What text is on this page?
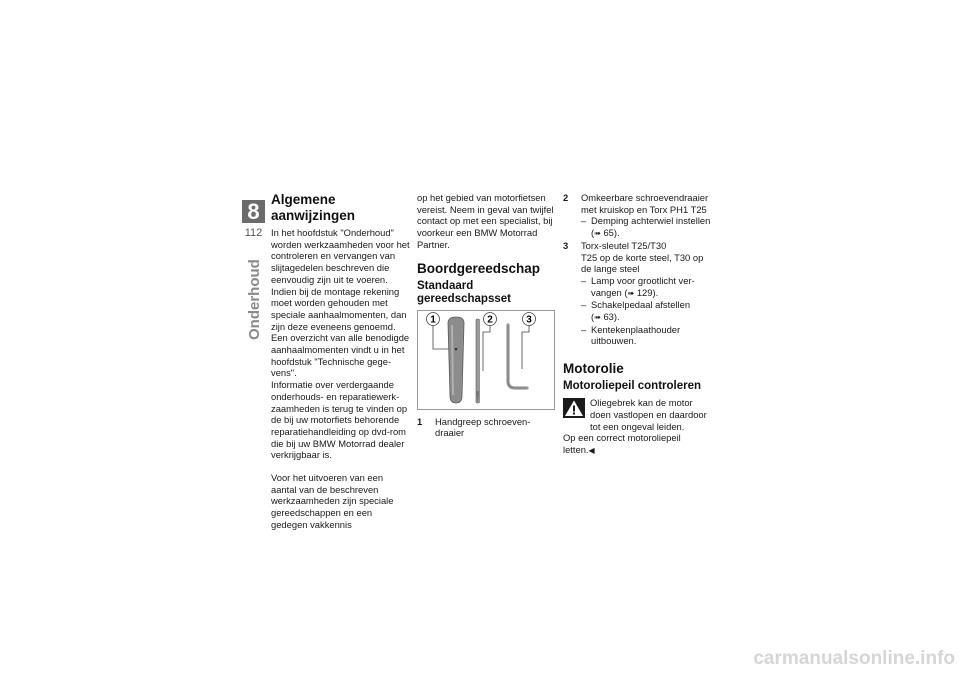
8
112
Onderhoud
Algemene aanwijzingen

In het hoofdstuk "Onderhoud" worden werkzaamheden voor het controleren en vervangen van slijtagedelen beschreven die eenvoudig zijn uit te voeren. Indien bij de montage rekening moet worden gehouden met speciale aanhaalmomenten, dan zijn deze eveneens genoemd. Een overzicht van alle benodigde aanhaalmomenten vindt u in het hoofdstuk "Technische gegevens".

Informatie over verdergaande onderhouds- en reparatiewerkzaamheden is terug te vinden op de bij uw motorfiets behorende reparatiehandleiding op dvd-rom die bij uw BMW Motorrad dealer verkrijgbaar is.

Voor het uitvoeren van een aantal van de beschreven werkzaamheden zijn speciale gereedschappen en een gedegen vakkennis

op het gebied van motorfietsen vereist. Neem in geval van twijfel contact op met een specialist, bij voorkeur een BMW Motorrad Partner.

Boordgereedschap
Standaard gereedschapsset
1	2	3
1	Handgreep schroevendraaier
2	Omkeerbare schroevendraaier
met kruiskop en Torx PH1 T25
– Demping achterwiel instellen (➠ 65).
3	Torx-sleutel T25/T30
T25 op de korte steel, T30 op de lange steel
– Lamp voor grootlicht vervangen (➠ 129).
– Schakelpedaal afstellen
(➠ 63).
– Kentekenplaathouder uitbouwen.
Motorolie
Motoroliepeil controleren

Oliegebrek kan de motor doen vastlopen en daardoor tot een ongeval leiden.

Op een correct motoroliepeil letten.◀

carmanualsonline.info
